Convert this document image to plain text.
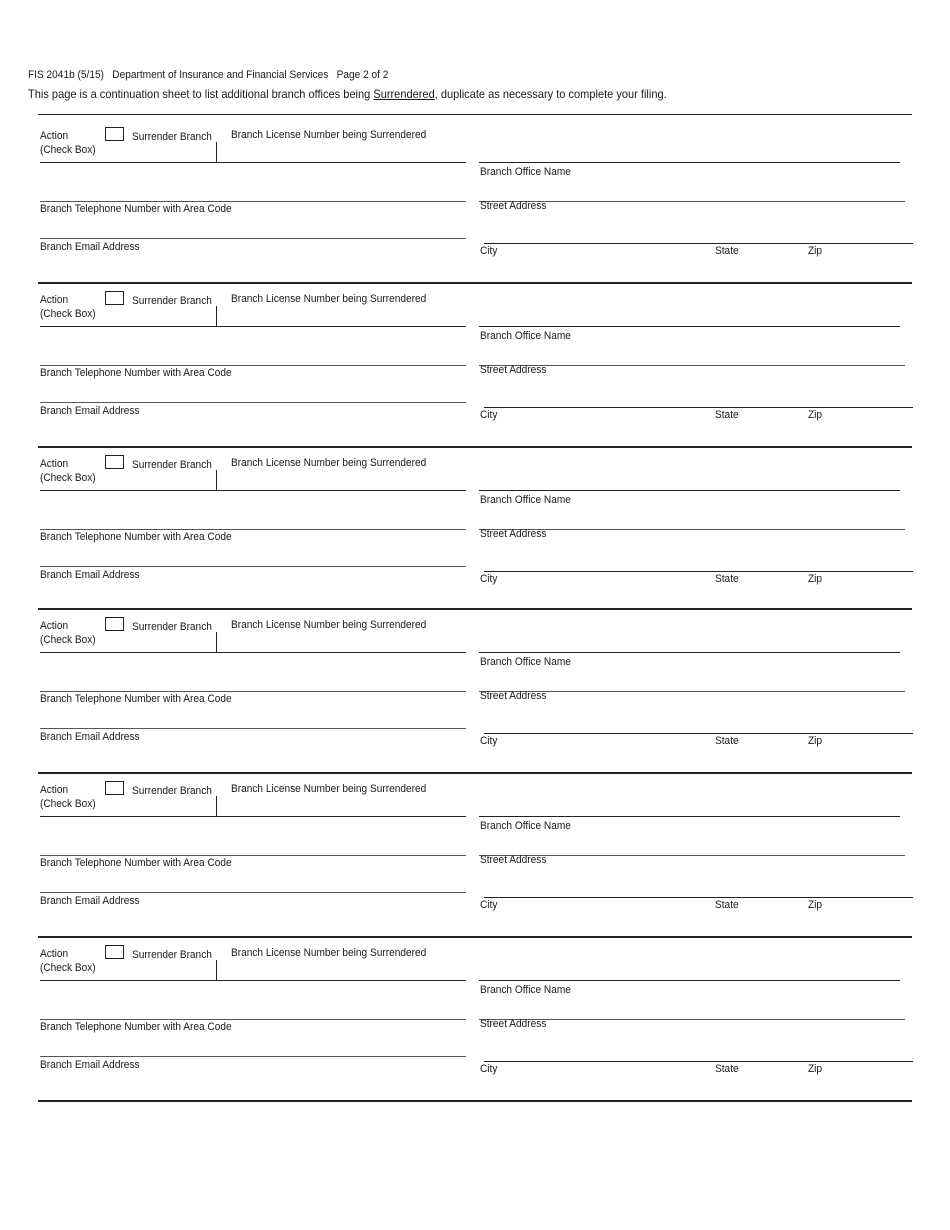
FIS 2041b (5/15) Department of Insurance and Financial Services Page 2 of 2
This page is a continuation sheet to list additional branch offices being Surrendered, duplicate as necessary to complete your filing.
Action
(Check Box)
Surrender Branch Branch License Number being Surrendered
Branch Office Name
Branch Telephone Number with Area Code	Street Address
Branch Email Address	City	State	Zip
Action
(Check Box)
Surrender Branch Branch License Number being Surrendered
Branch Office Name
Branch Telephone Number with Area Code	Street Address
Branch Email Address	City	State	Zip
Action
(Check Box)
Surrender Branch Branch License Number being Surrendered
Branch Office Name
Branch Telephone Number with Area Code	Street Address
Branch Email Address	City	State	Zip
Action
(Check Box)
Surrender Branch Branch License Number being Surrendered
Branch Office Name
Branch Telephone Number with Area Code	Street Address
Branch Email Address	City	State	Zip
Action
(Check Box)
Surrender Branch Branch License Number being Surrendered
Branch Office Name
Branch Telephone Number with Area Code	Street Address
Branch Email Address	City	State	Zip
Action
(Check Box)
Surrender Branch Branch License Number being Surrendered
Branch Office Name
Branch Telephone Number with Area Code	Street Address
Branch Email Address	City	State	Zip
